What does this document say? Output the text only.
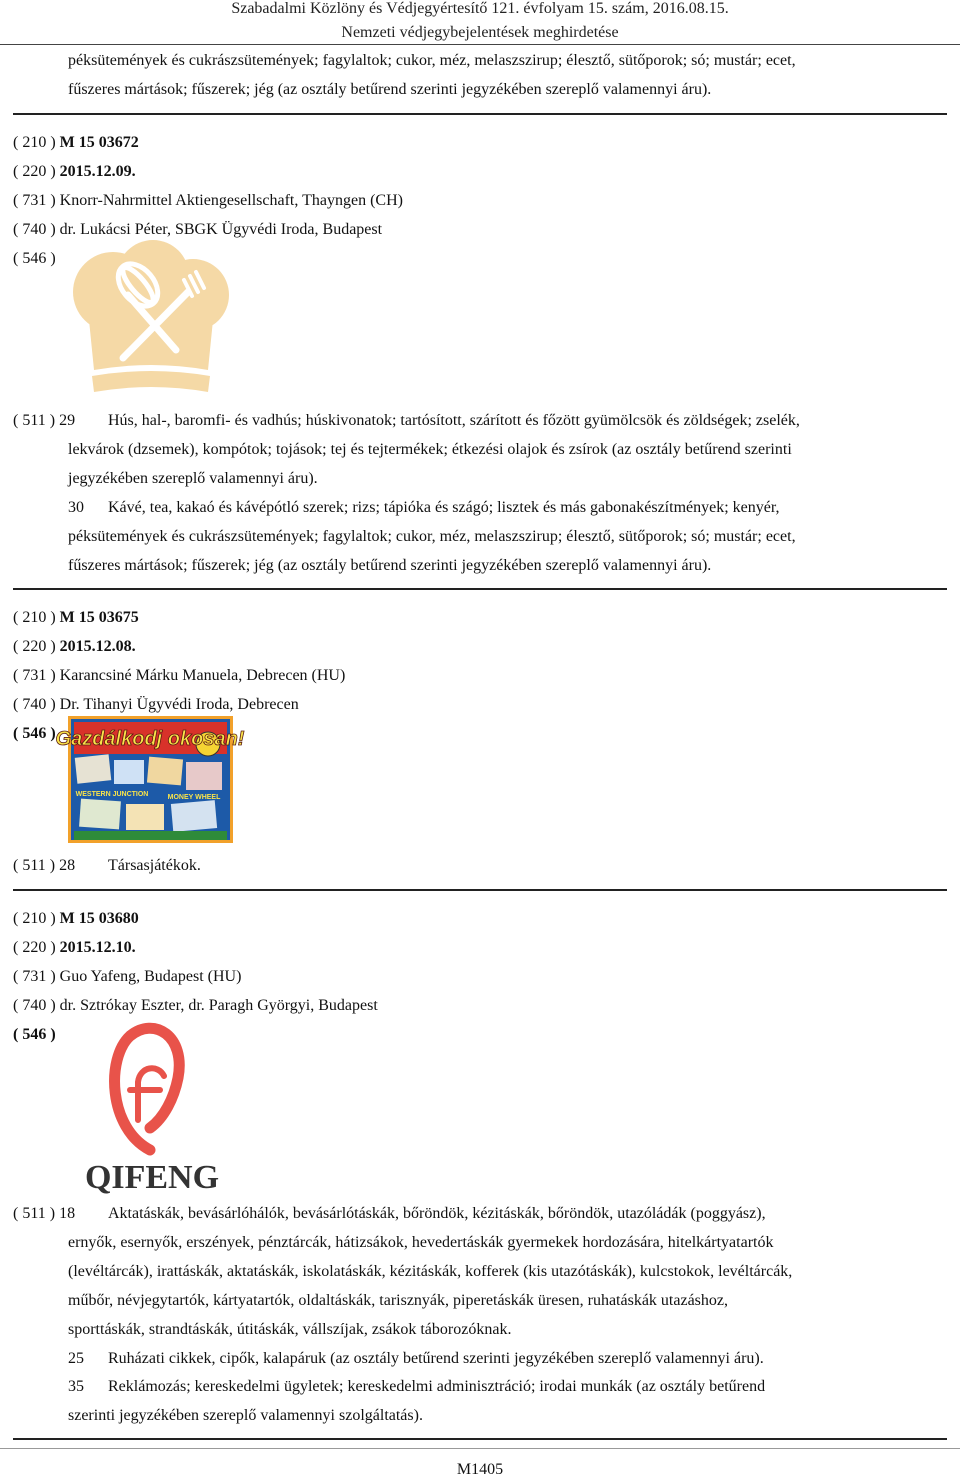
Szabadalmi Közlöny és Védjegyértesítő 121. évfolyam 15. szám, 2016.08.15.
Nemzeti védjegybejelentések meghirdetése
péksütemények és cukrászsütemények; fagylaltok; cukor, méz, melaszszirup; élesztő, sütőporok; só; mustár; ecet,
fűszeres mártások; fűszerek; jég (az osztály betűrend szerinti jegyzékében szereplő valamennyi áru).
( 210 ) M 15 03672
( 220 ) 2015.12.09.
( 731 ) Knorr-Nahrmittel Aktiengesellschaft, Thayngen (CH)
( 740 ) dr. Lukácsi Péter, SBGK Ügyvédi Iroda, Budapest
( 546 )
( 511 ) 29 Hús, hal-, baromfi- és vadhús; húskivonatok; tartósított, szárított és főzött gyümölcsök és zöldségek; zselék,
lekvárok (dzsemek), kompótok; tojások; tej és tejtermékek; étkezési olajok és zsírok (az osztály betűrend szerinti
jegyzékében szereplő valamennyi áru).
30 Kávé, tea, kakaó és kávépótló szerek; rizs; tápióka és szágó; lisztek és más gabonakészítmények; kenyér,
péksütemények és cukrászsütemények; fagylaltok; cukor, méz, melaszszirup; élesztő, sütőporok; só; mustár; ecet,
fűszeres mártások; fűszerek; jég (az osztály betűrend szerinti jegyzékében szereplő valamennyi áru).
( 210 ) M 15 03675
( 220 ) 2015.12.08.
( 731 ) Karancsiné Márku Manuela, Debrecen (HU)
( 740 ) Dr. Tihanyi Ügyvédi Iroda, Debrecen
( 546 ) Gazdálkodj okosan!
WESTERN JUNCTION	MONEY WHEEL
( 511 ) 28 Társasjátékok.
( 210 ) M 15 03680
( 220 ) 2015.12.10.
( 731 ) Guo Yafeng, Budapest (HU)
( 740 ) dr. Sztrókay Eszter, dr. Paragh Györgyi, Budapest
( 546 )
QIFENG
( 511 ) 18 Aktatáskák, bevásárlóhálók, bevásárlótáskák, bőröndök, kézitáskák, bőröndök, utazóládák (poggyász),
ernyők, esernyők, erszények, pénztárcák, hátizsákok, hevedertáskák gyermekek hordozására, hitelkártyatartók
(levéltárcák), irattáskák, aktatáskák, iskolatáskák, kézitáskák, kofferek (kis utazótáskák), kulcstokok, levéltárcák,
műbőr, névjegytartók, kártyatartók, oldaltáskák, tarisznyák, piperetáskák üresen, ruhatáskák utazáshoz,
sporttáskák, strandtáskák, útitáskák, vállszíjak, zsákok táborozóknak.
25 Ruházati cikkek, cipők, kalapáruk (az osztály betűrend szerinti jegyzékében szereplő valamennyi áru).
35 Reklámozás; kereskedelmi ügyletek; kereskedelmi adminisztráció; irodai munkák (az osztály betűrend
szerinti jegyzékében szereplő valamennyi szolgáltatás).
M1405
